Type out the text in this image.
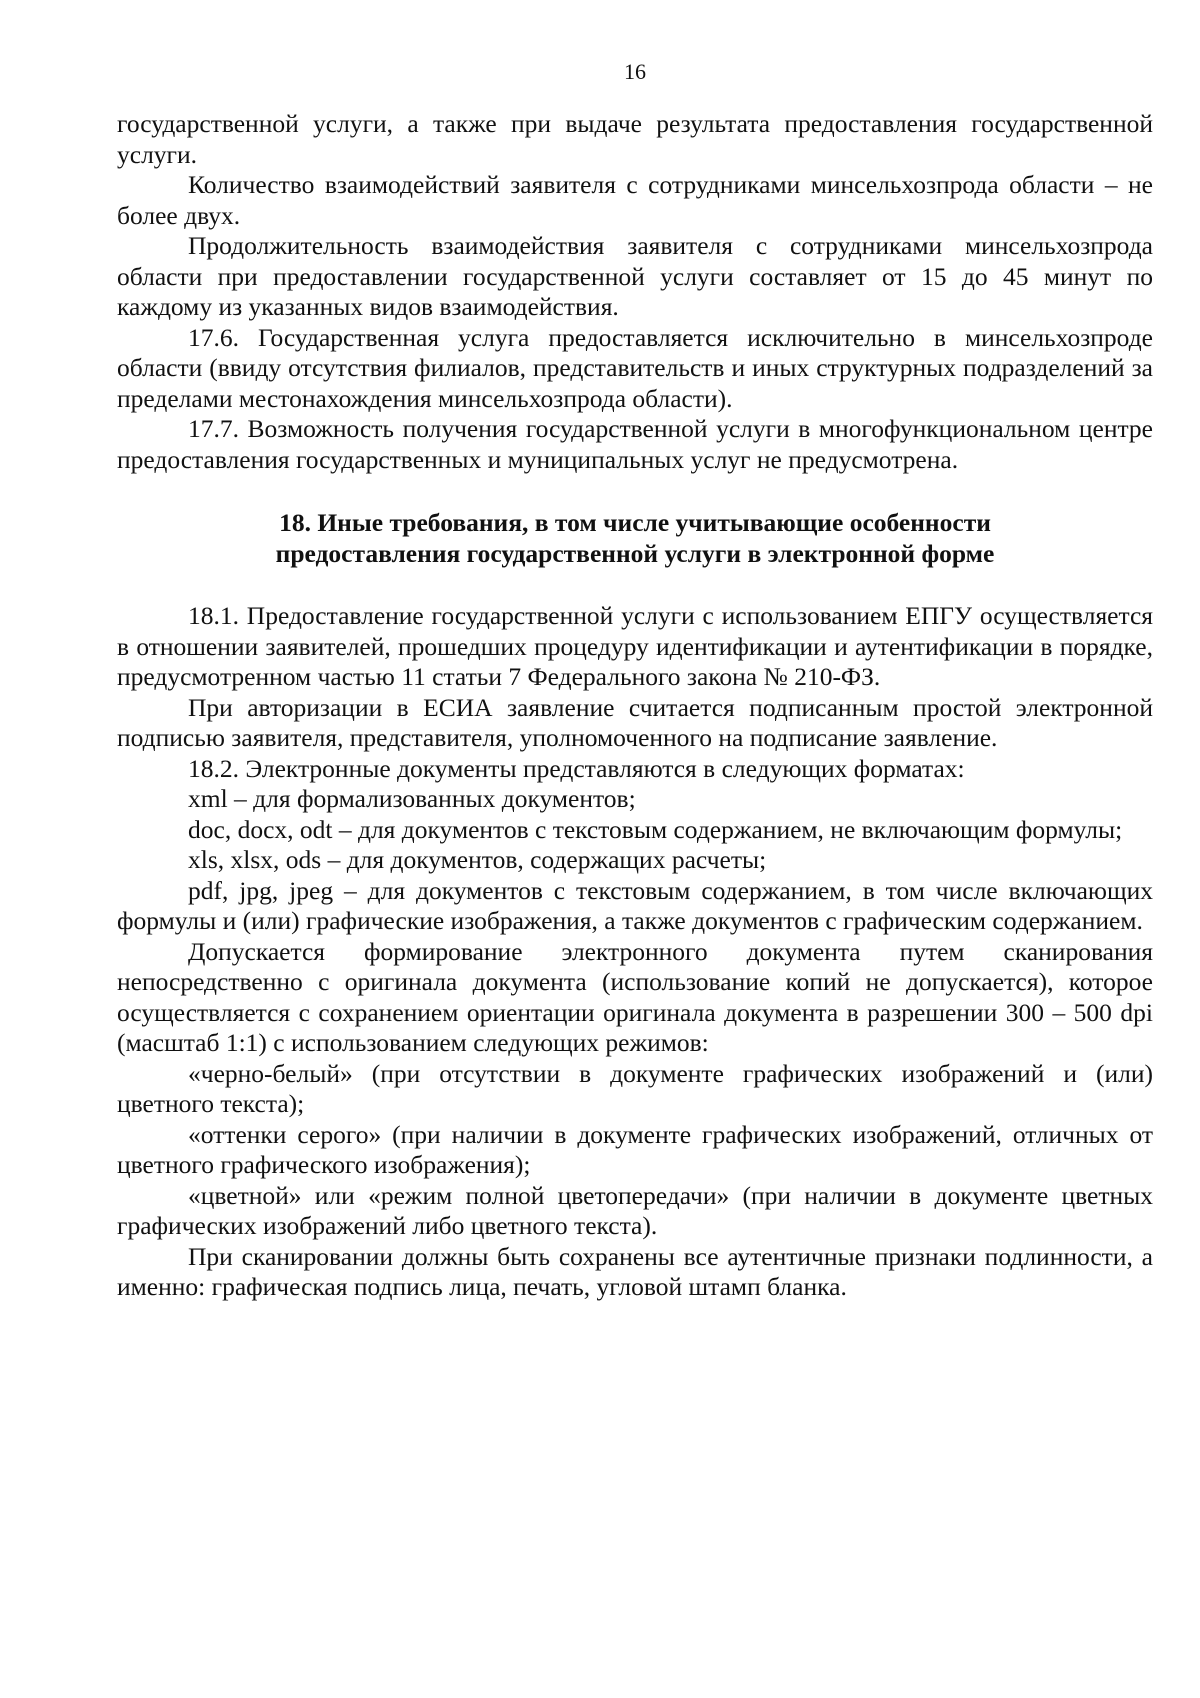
16

государственной услуги, а также при выдаче результата предоставления государственной услуги.

Количество взаимодействий заявителя с сотрудниками минсельхозпрода области – не более двух.

Продолжительность взаимодействия заявителя с сотрудниками минсельхозпрода области при предоставлении государственной услуги составляет от 15 до 45 минут по каждому из указанных видов взаимодействия.

17.6. Государственная услуга предоставляется исключительно в минсельхозпроде области (ввиду отсутствия филиалов, представительств и иных структурных подразделений за пределами местонахождения минсельхозпрода области).

17.7. Возможность получения государственной услуги в многофункциональном центре предоставления государственных и муниципальных услуг не предусмотрена.

18. Иные требования, в том числе учитывающие особенности
предоставления государственной услуги в электронной форме

18.1. Предоставление государственной услуги с использованием ЕПГУ осуществляется в отношении заявителей, прошедших процедуру идентификации и аутентификации в порядке, предусмотренном частью 11 статьи 7 Федерального закона № 210-ФЗ.

При авторизации в ЕСИА заявление считается подписанным простой электронной подписью заявителя, представителя, уполномоченного на подписание заявление.

18.2. Электронные документы представляются в следующих форматах:

xml – для формализованных документов;

doc, docx, odt – для документов с текстовым содержанием, не включающим формулы;

xls, xlsx, ods – для документов, содержащих расчеты;

pdf, jpg, jpeg – для документов с текстовым содержанием, в том числе включающих формулы и (или) графические изображения, а также документов с графическим содержанием.

Допускается формирование электронного документа путем сканирования непосредственно с оригинала документа (использование копий не допускается), которое осуществляется с сохранением ориентации оригинала документа в разрешении 300 – 500 dpi (масштаб 1:1) с использованием следующих режимов:

«черно-белый» (при отсутствии в документе графических изображений и (или) цветного текста);

«оттенки серого» (при наличии в документе графических изображений, отличных от цветного графического изображения);

«цветной» или «режим полной цветопередачи» (при наличии в документе цветных графических изображений либо цветного текста).

При сканировании должны быть сохранены все аутентичные признаки подлинности, а именно: графическая подпись лица, печать, угловой штамп бланка.
